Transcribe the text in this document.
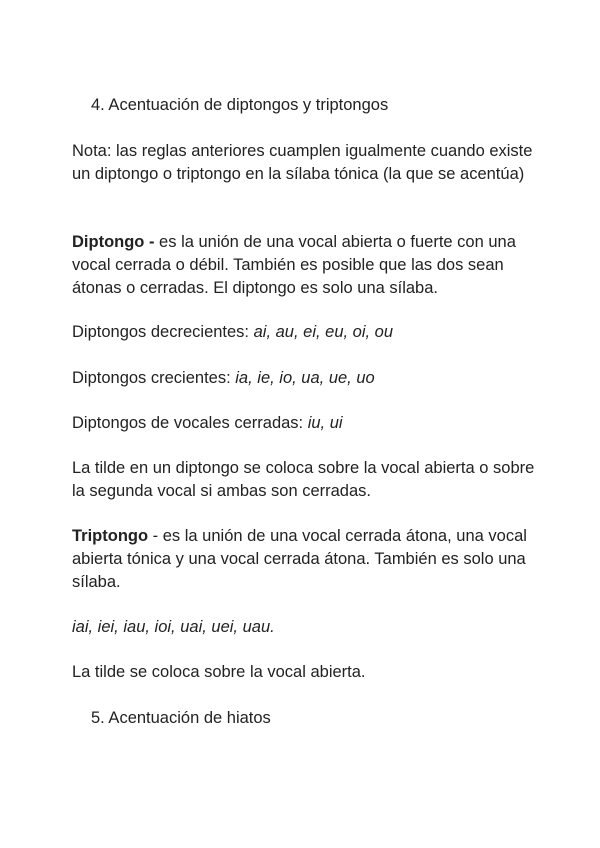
4. Acentuación de diptongos y triptongos

Nota: las reglas anteriores cuamplen igualmente cuando existe un diptongo o triptongo en la sílaba tónica (la que se acentúa)

Diptongo - es la unión de una vocal abierta o fuerte con una vocal cerrada o débil. También es posible que las dos sean átonas o cerradas. El diptongo es solo una sílaba.

Diptongos decrecientes: ai, au, ei, eu, oi, ou

Diptongos crecientes: ia, ie, io, ua, ue, uo

Diptongos de vocales cerradas: iu, ui

La tilde en un diptongo se coloca sobre la vocal abierta o sobre la segunda vocal si ambas son cerradas.

Triptongo - es la unión de una vocal cerrada átona, una vocal abierta tónica y una vocal cerrada átona. También es solo una sílaba.

iai, iei, iau, ioi, uai, uei, uau.

La tilde se coloca sobre la vocal abierta.

5. Acentuación de hiatos
